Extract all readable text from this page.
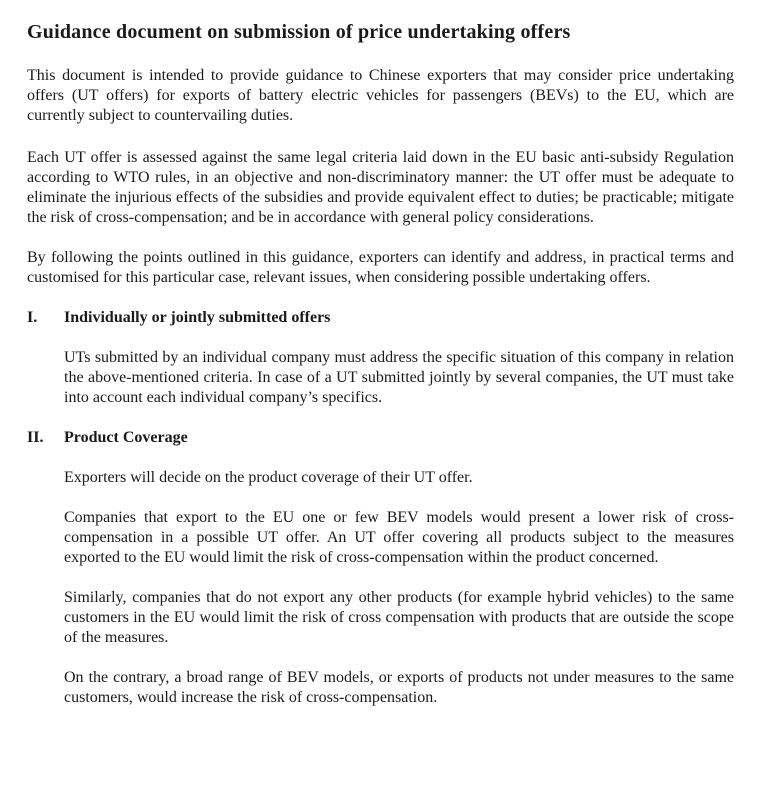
Guidance document on submission of price undertaking offers

This document is intended to provide guidance to Chinese exporters that may consider price undertaking offers (UT offers) for exports of battery electric vehicles for passengers (BEVs) to the EU, which are currently subject to countervailing duties.

Each UT offer is assessed against the same legal criteria laid down in the EU basic anti-subsidy Regulation according to WTO rules, in an objective and non-discriminatory manner: the UT offer must be adequate to eliminate the injurious effects of the subsidies and provide equivalent effect to duties; be practicable; mitigate the risk of cross-compensation; and be in accordance with general policy considerations.

By following the points outlined in this guidance, exporters can identify and address, in practical terms and customised for this particular case, relevant issues, when considering possible undertaking offers.

I.	Individually or jointly submitted offers

UTs submitted by an individual company must address the specific situation of this company in relation the above-mentioned criteria. In case of a UT submitted jointly by several companies, the UT must take into account each individual company’s specifics.

II.	Product Coverage

Exporters will decide on the product coverage of their UT offer.

Companies that export to the EU one or few BEV models would present a lower risk of cross-compensation in a possible UT offer. An UT offer covering all products subject to the measures exported to the EU would limit the risk of cross-compensation within the product concerned.

Similarly, companies that do not export any other products (for example hybrid vehicles) to the same customers in the EU would limit the risk of cross compensation with products that are outside the scope of the measures.

On the contrary, a broad range of BEV models, or exports of products not under measures to the same customers, would increase the risk of cross-compensation.
